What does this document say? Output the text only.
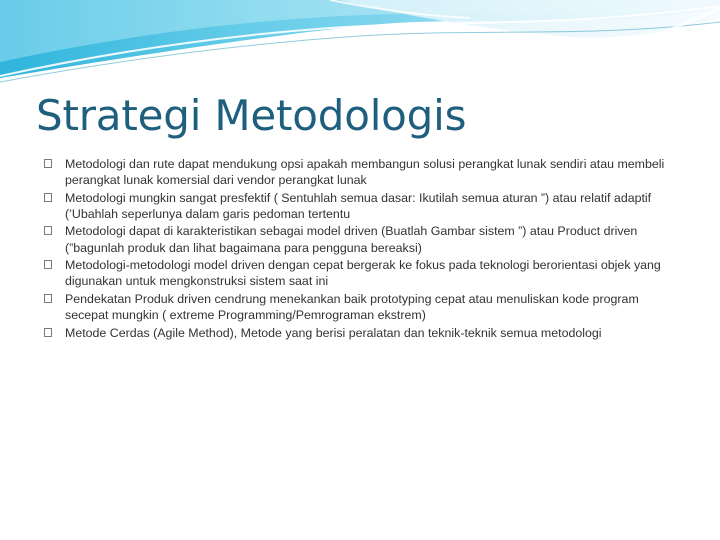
Strategi Metodologis
Metodologi dan rute dapat mendukung opsi apakah membangun solusi perangkat lunak sendiri atau membeli perangkat lunak komersial dari vendor perangkat lunak
Metodologi mungkin sangat presfektif ( Sentuhlah semua dasar: Ikutilah semua aturan ”) atau relatif adaptif (’Ubahlah seperlunya dalam garis pedoman tertentu
Metodologi dapat di karakteristikan sebagai model driven (Buatlah Gambar sistem ”) atau Product driven (”bagunlah produk dan lihat bagaimana para pengguna bereaksi)
Metodologi-metodologi model driven dengan cepat bergerak ke fokus pada teknologi berorientasi objek yang digunakan untuk mengkonstruksi sistem saat ini
Pendekatan Produk driven cendrung menekankan baik prototyping cepat atau menuliskan kode program secepat mungkin ( extreme Programming/Pemrograman ekstrem)
Metode Cerdas (Agile Method), Metode yang berisi peralatan dan teknik-teknik semua metodologi
